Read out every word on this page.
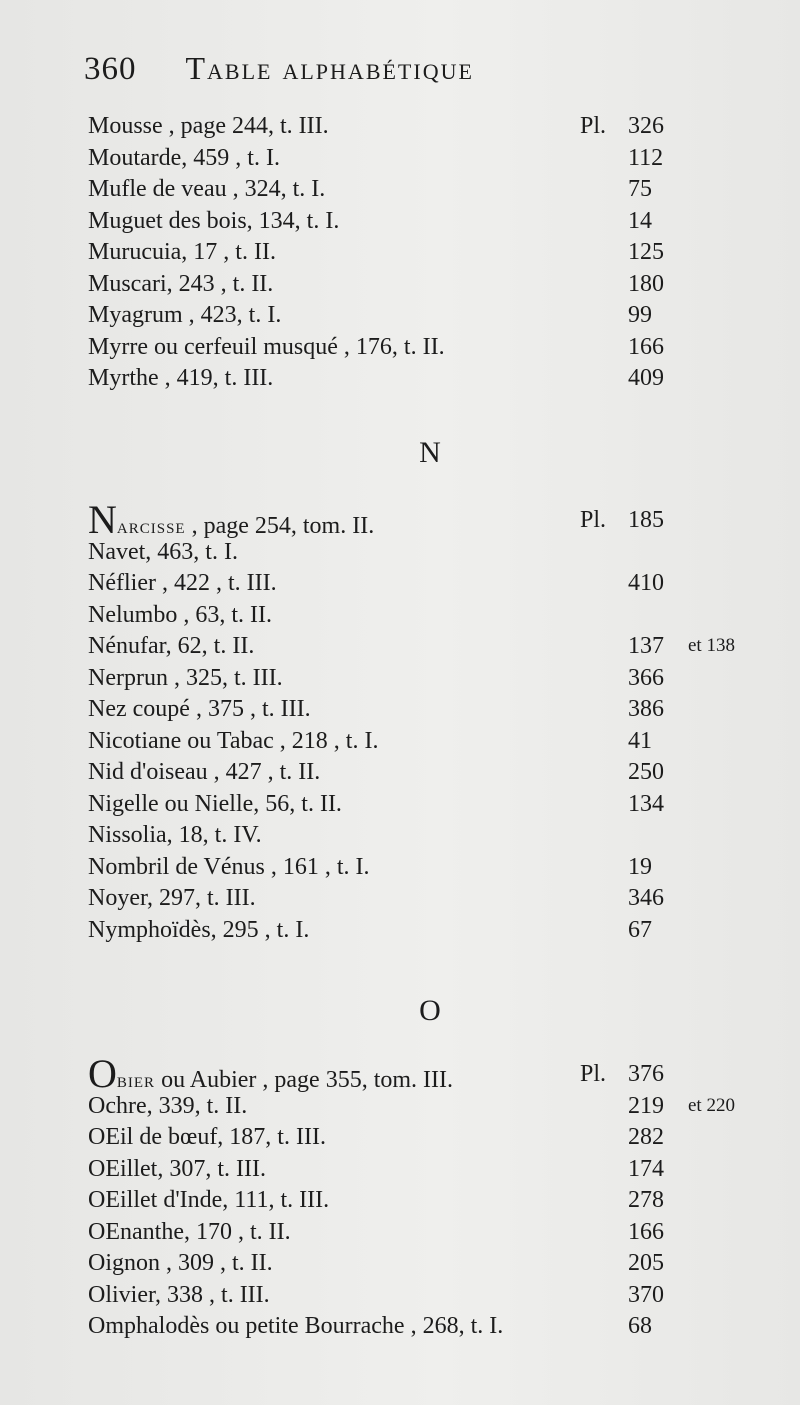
360 Table alphabétique
Mousse , page 244, t. III.	Pl. 326
Moutarde, 459 , t. I.	112
Mufle de veau , 324, t. I.	75
Muguet des bois, 134, t. I.	14
Murucuia, 17 , t. II.	125
Muscari, 243 , t. II.	180
Myagrum , 423, t. I.	99
Myrre ou cerfeuil musqué , 176, t. II.	166
Myrthe , 419, t. III.	409
N
NARCISSE , page 254, tom. II.	Pl. 185
Navet, 463, t. I.
Néflier , 422 , t. III.	410
Nelumbo , 63, t. II.
Nénufar, 62, t. II.	137 et 138
Nerprun , 325, t. III.	366
Nez coupé , 375 , t. III.	386
Nicotiane ou Tabac , 218 , t. I.	41
Nid d'oiseau , 427 , t. II.	250
Nigelle ou Nielle, 56, t. II.	134
Nissolia, 18, t. IV.
Nombril de Vénus , 161 , t. I.	19
Noyer, 297, t. III.	346
Nymphoïdès, 295 , t. I.	67
O
OBIER ou Aubier , page 355, tom. III.	Pl. 376
Ochre, 339, t. II.	219 et 220
OEil de bœuf, 187, t. III.	282
OEillet, 307, t. III.	174
OEillet d'Inde, 111, t. III.	278
OEnanthe, 170 , t. II.	166
Oignon , 309 , t. II.	205
Olivier, 338 , t. III.	370
Omphalodès ou petite Bourrache , 268, t. I.	68
